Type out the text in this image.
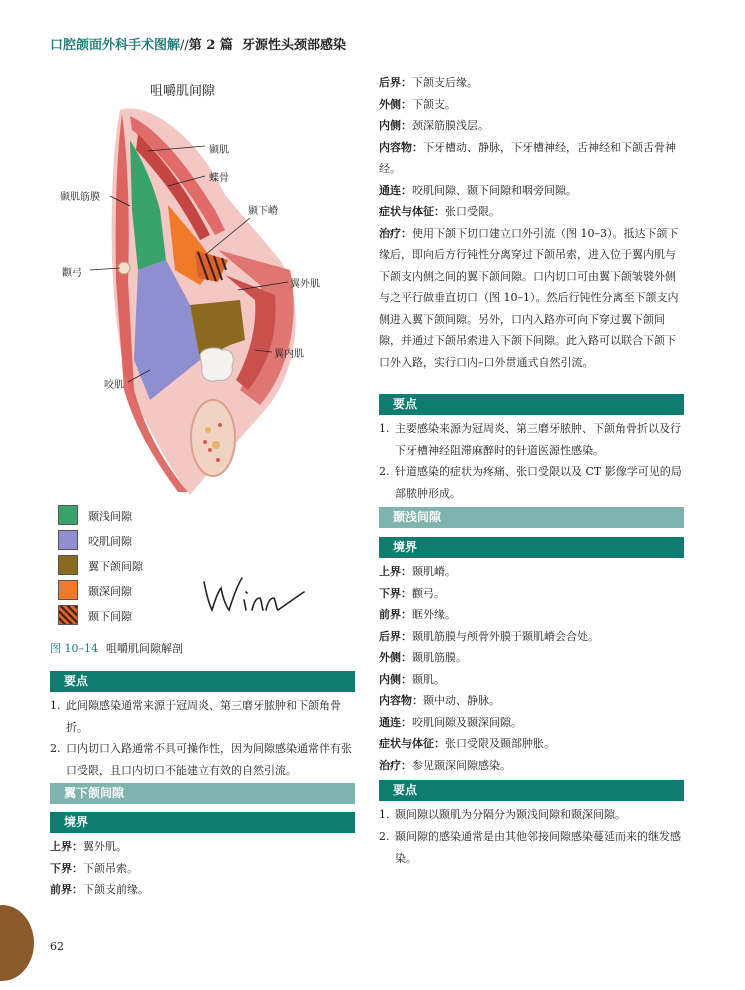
口腔颌面外科手术图解//第 2 篇 牙源性头颈部感染
咀嚼肌间隙
颞肌
蝶骨
颞肌筋膜
颞下嵴
颧弓
翼外肌
翼内肌
咬肌
颞浅间隙
咬肌间隙
翼下颌间隙
颞深间隙
颞下间隙
图 10–14 咀嚼肌间隙解剖
要点
1. 此间隙感染通常来源于冠周炎、第三磨牙脓肿和下颌角骨折。
2. 口内切口入路通常不具可操作性，因为间隙感染通常伴有张口受限，且口内切口不能建立有效的自然引流。
翼下颌间隙
境界
上界：翼外肌。
下界：下颌吊索。
前界：下颌支前缘。
后界：下颌支后缘。
外侧：下颌支。
内侧：颈深筋膜浅层。
内容物：下牙槽动、静脉，下牙槽神经，舌神经和下颌舌骨神经。
通连：咬肌间隙、颞下间隙和咽旁间隙。
症状与体征：张口受限。
治疗：使用下颌下切口建立口外引流（图 10–3）。抵达下颌下缘后，即向后方行钝性分离穿过下颌吊索，进入位于翼内肌与下颌支内侧之间的翼下颌间隙。口内切口可由翼下颌皱襞外侧与之平行做垂直切口（图 10–1）。然后行钝性分离至下颌支内侧进入翼下颌间隙。另外，口内入路亦可向下穿过翼下颌间隙，并通过下颌吊索进入下颌下间隙。此入路可以联合下颌下口外入路，实行口内–口外贯通式自然引流。
要点
1. 主要感染来源为冠周炎、第三磨牙脓肿、下颌角骨折以及行下牙槽神经阻滞麻醉时的针道医源性感染。
2. 针道感染的症状为疼痛、张口受限以及 CT 影像学可见的局部脓肿形成。
颞浅间隙
境界
上界：颞肌嵴。
下界：颧弓。
前界：眶外缘。
后界：颞肌筋膜与颅骨外膜于颞肌嵴会合处。
外侧：颞肌筋膜。
内侧：颞肌。
内容物：颞中动、静脉。
通连：咬肌间隙及颞深间隙。
症状与体征：张口受限及颞部肿胀。
治疗：参见颞深间隙感染。
要点
1. 颞间隙以颞肌为分隔分为颞浅间隙和颞深间隙。
2. 颞间隙的感染通常是由其他邻接间隙感染蔓延而来的继发感染。
62
